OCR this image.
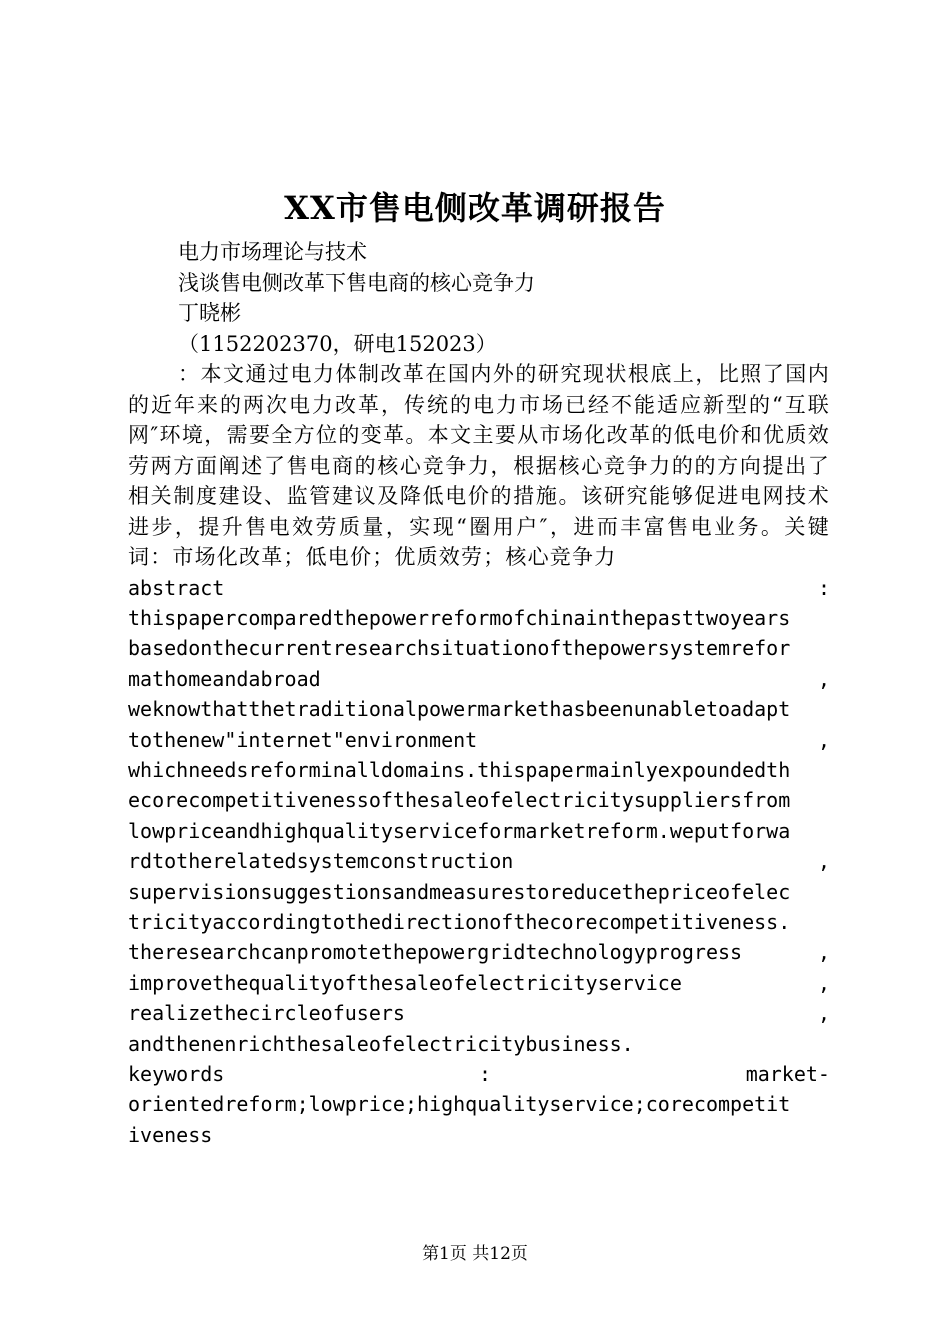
XX市售电侧改革调研报告

电力市场理论与技术

浅谈售电侧改革下售电商的核心竞争力

丁晓彬

（1152202370，研电152023）

：本文通过电力体制改革在国内外的研究现状根底上，比照了国内的近年来的两次电力改革，传统的电力市场已经不能适应新型的“互联网″环境，需要全方位的变革。本文主要从市场化改革的低电价和优质效劳两方面阐述了售电商的核心竞争力，根据核心竞争力的的方向提出了相关制度建设、监管建议及降低电价的措施。该研究能够促进电网技术进步，提升售电效劳质量，实现“圈用户″，进而丰富售电业务。关键词：市场化改革；低电价；优质效劳；核心竞争力

abstract	:

thispapercomparedthepowerreformofchinainthepasttwoyears

basedonthecurrentresearchsituationofthepowersystemrefor

mathomeandabroad	,

weknowthatthetraditionalpowermarkethasbeenunabletoadapt

tothenew"internet"environment	,

whichneedsreforminalldomains.thispapermainlyexpoundedth

ecorecompetitivenessofthesaleofelectricitysuppliersfrom

lowpriceandhighqualityserviceformarketreform.weputforwa

rdtotherelatedsystemconstruction	,

supervisionsuggestionsandmeasurestoreducethepriceofelec

tricityaccordingtothedirectionofthecorecompetitiveness.

theresearchcanpromotethepowergridtechnologyprogress	,

improvethequalityofthesaleofelectricityservice	,

realizethecircleofusers	,

andthenenrichthesaleofelectricitybusiness.

keywords	:	market-

orientedreform;lowprice;highqualityservice;corecompetit

iveness

第1页 共12页
